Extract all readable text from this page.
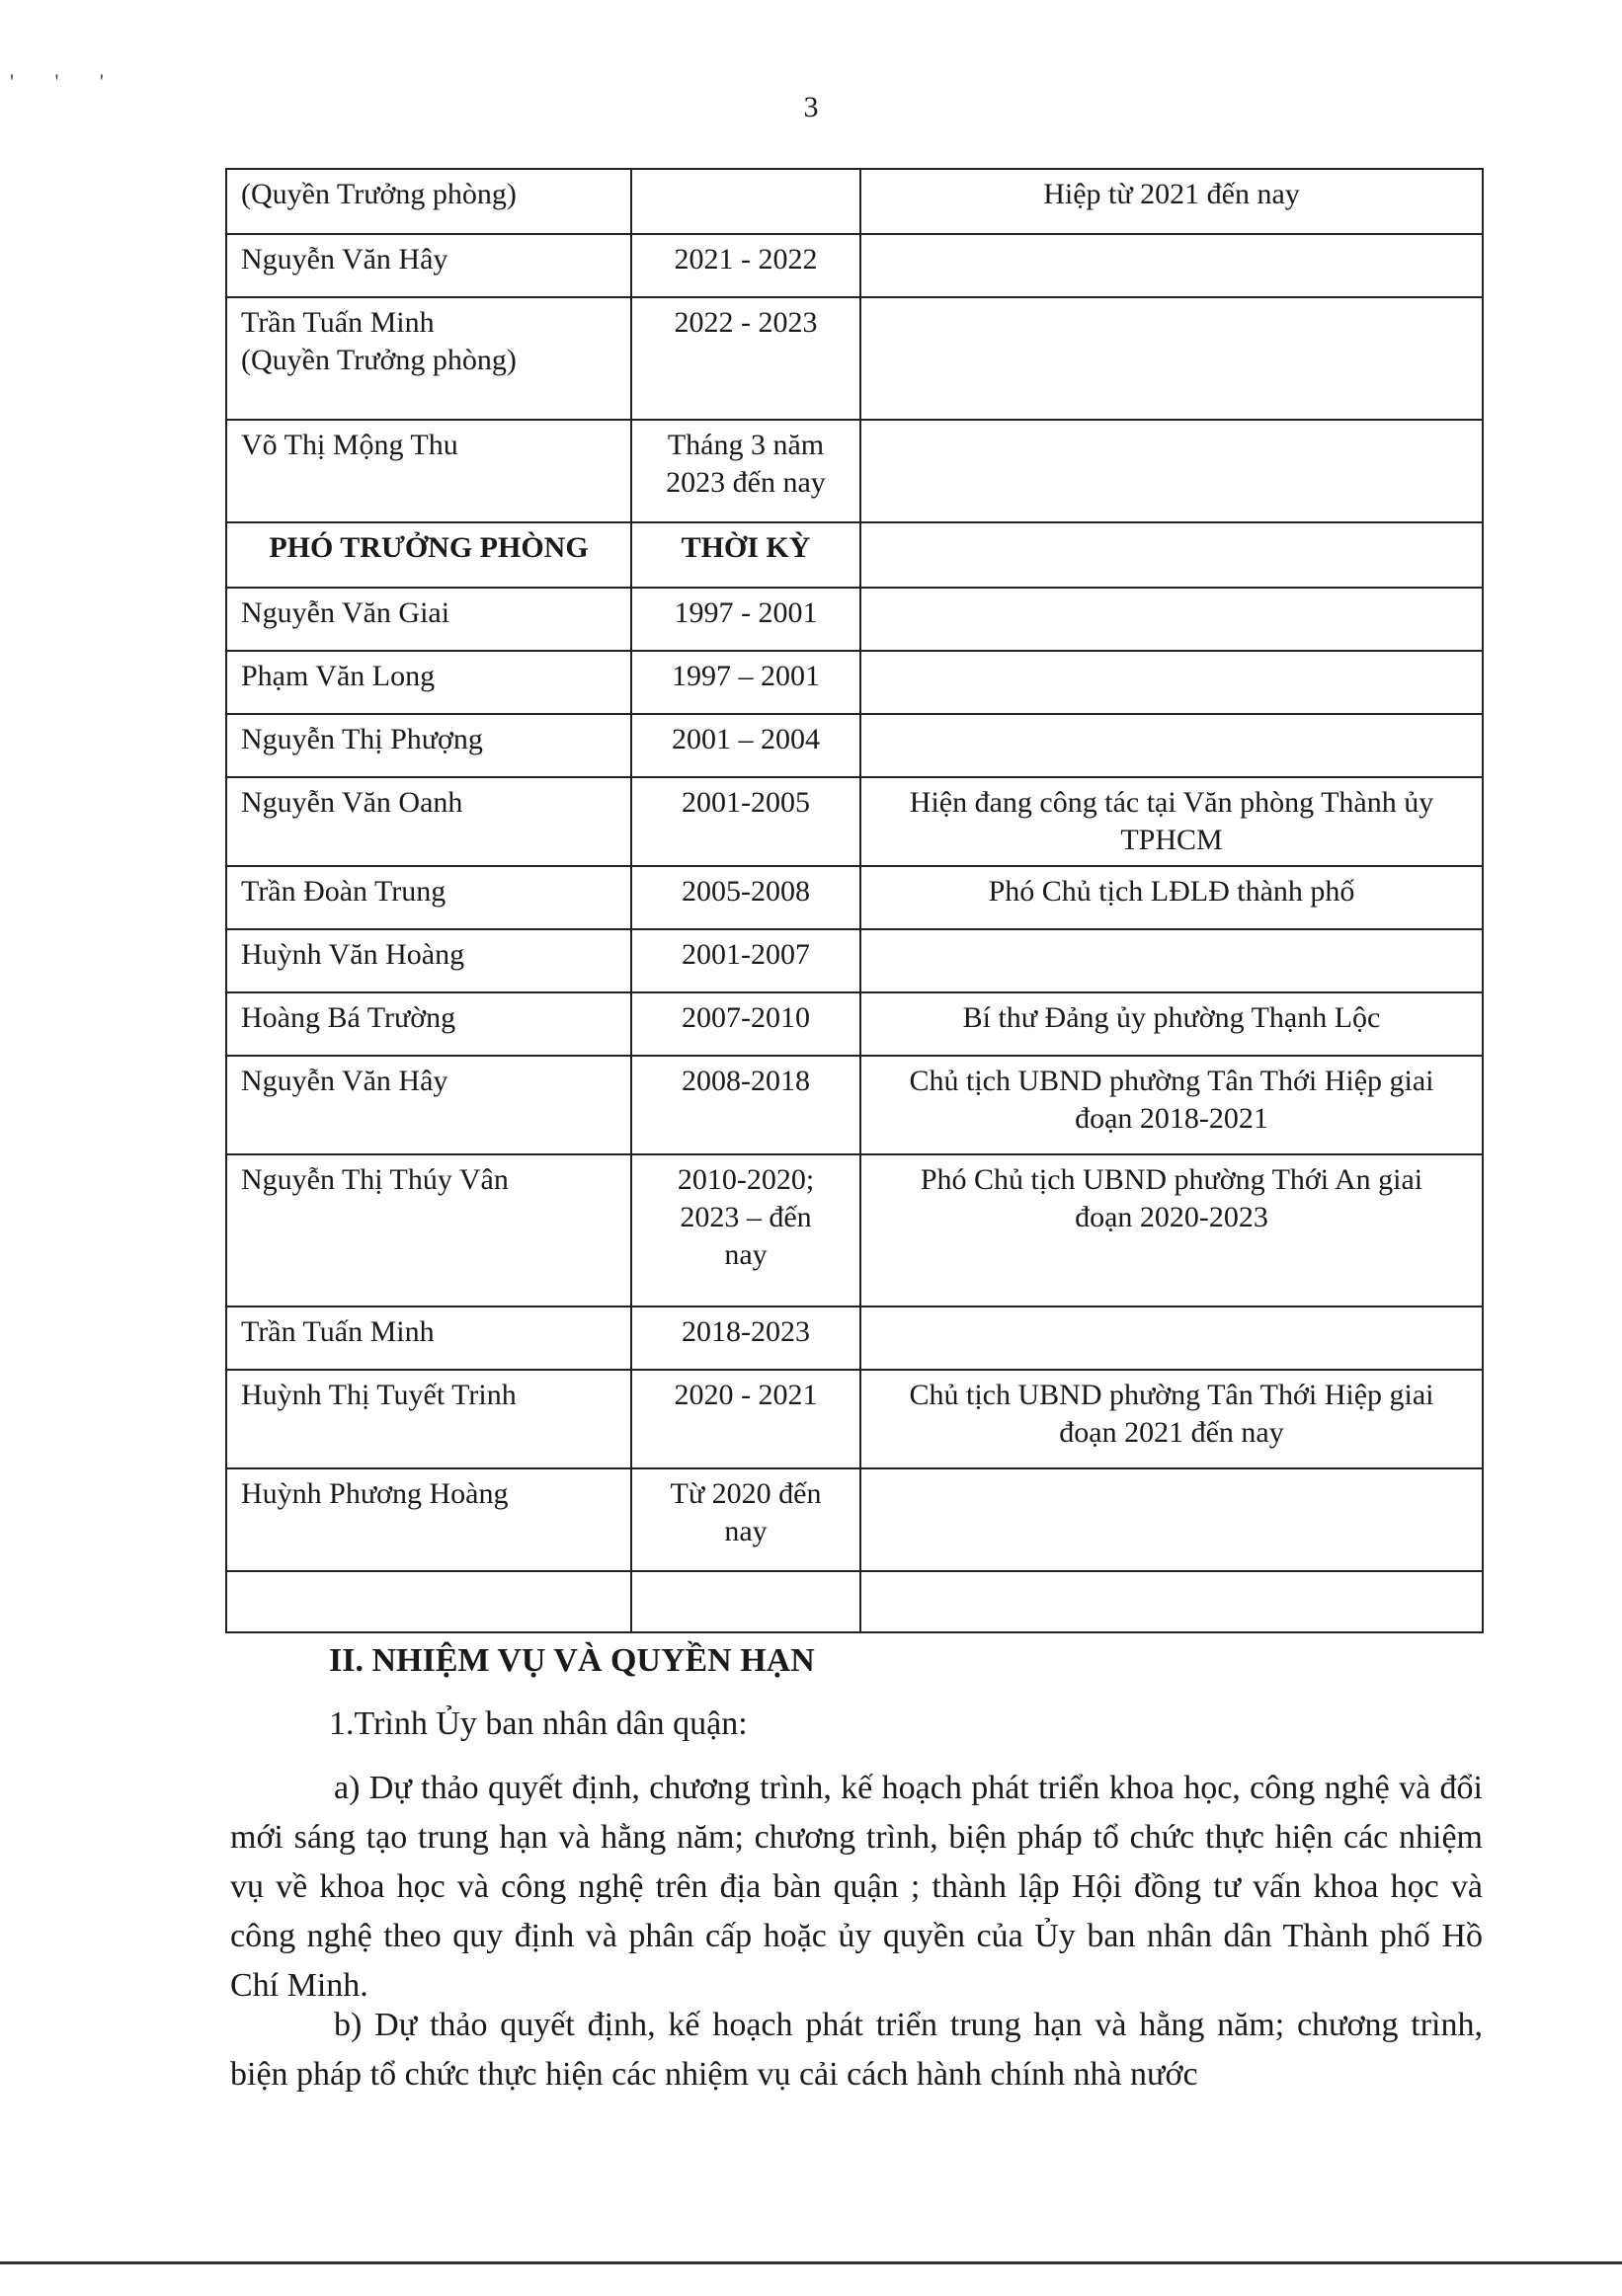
' ' '
3
(Quyền Trưởng phòng)		Hiệp từ 2021 đến nay

Nguyễn Văn Hây	2021 - 2022	

Trần Tuấn Minh
(Quyền Trưởng phòng)	2022 - 2023	

Võ Thị Mộng Thu	Tháng 3 năm
2023 đến nay	

PHÓ TRƯỞNG PHÒNG	THỜI KỲ	

Nguyễn Văn Giai	1997 - 2001	

Phạm Văn Long	1997 – 2001	

Nguyễn Thị Phượng	2001 – 2004	

Nguyễn Văn Oanh	2001-2005	Hiện đang công tác tại Văn phòng Thành ủy
TPHCM

Trần Đoàn Trung	2005-2008	Phó Chủ tịch LĐLĐ thành phố

Huỳnh Văn Hoàng	2001-2007	

Hoàng Bá Trường	2007-2010	Bí thư Đảng ủy phường Thạnh Lộc

Nguyễn Văn Hây	2008-2018	Chủ tịch UBND phường Tân Thới Hiệp giai
đoạn 2018-2021

Nguyễn Thị Thúy Vân	2010-2020;
2023 – đến
nay	Phó Chủ tịch UBND phường Thới An giai
đoạn 2020-2023

Trần Tuấn Minh	2018-2023	

Huỳnh Thị Tuyết Trinh	2020 - 2021	Chủ tịch UBND phường Tân Thới Hiệp giai
đoạn 2021 đến nay

Huỳnh Phương Hoàng	Từ 2020 đến
nay	

II. NHIỆM VỤ VÀ QUYỀN HẠN
1.Trình Ủy ban nhân dân quận:
a) Dự thảo quyết định, chương trình, kế hoạch phát triển khoa học, công nghệ và đổi mới sáng tạo trung hạn và hằng năm; chương trình, biện pháp tổ chức thực hiện các nhiệm vụ về khoa học và công nghệ trên địa bàn quận ; thành lập Hội đồng tư vấn khoa học và công nghệ theo quy định và phân cấp hoặc ủy quyền của Ủy ban nhân dân Thành phố Hồ Chí Minh.
b) Dự thảo quyết định, kế hoạch phát triển trung hạn và hằng năm; chương trình, biện pháp tổ chức thực hiện các nhiệm vụ cải cách hành chính nhà nước
